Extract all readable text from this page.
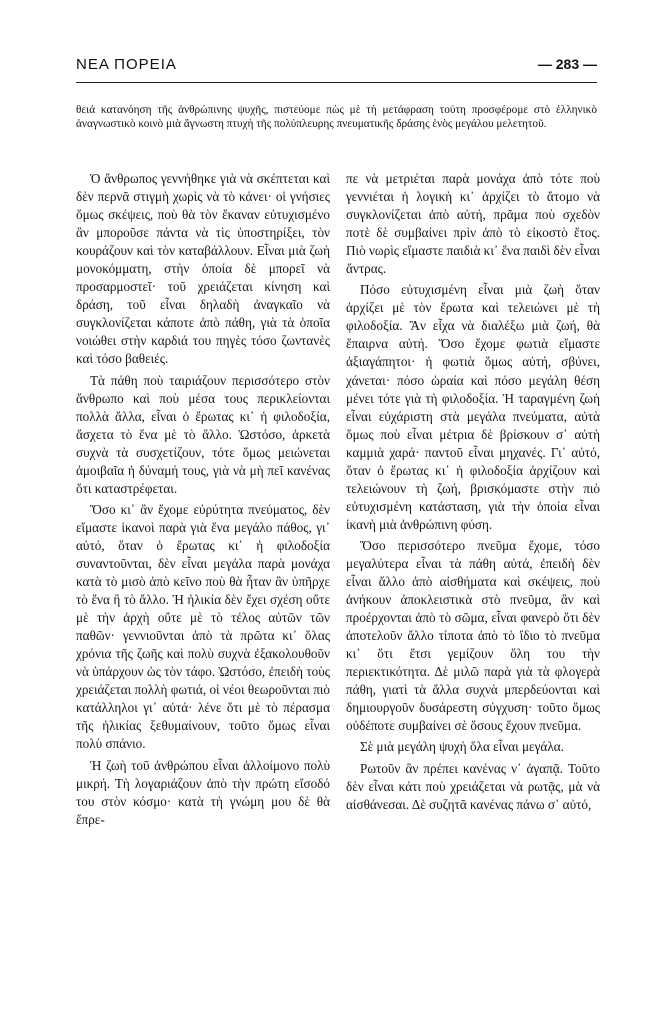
ΝΕΑ ΠΟΡΕΙΑ	— 283 —
θειά κατανόηση τῆς ἀνθρώπινης ψυχῆς, πιστεύομε πὼς μὲ τὴ μετάφραση τούτη προσφέρομε στὸ ἑλληνικὸ ἀναγνωστικὸ κοινὸ μιὰ ἄγνωστη πτυχὴ τῆς πολύπλευρης πνευματικῆς δράσης ἑνὸς μεγάλου μελετητοῦ.

Ὁ ἄνθρωπος γεννήθηκε γιὰ νὰ σκέπτεται καὶ δὲν περνᾶ στιγμὴ χωρὶς νὰ τὸ κάνει· οἱ γνήσιες ὅμως σκέψεις, ποὺ θὰ τὸν ἔκαναν εὐτυχισμένο ἂν μποροῦσε πάντα νὰ τὶς ὑποστηρίξει, τὸν κουράζουν καὶ τὸν καταβάλλουν. Εἶναι μιὰ ζωὴ μονοκόμματη, στὴν ὁποία δὲ μπορεῖ νὰ προσαρμοστεῖ· τοῦ χρειάζεται κίνηση καὶ δράση, τοῦ εἶναι δηλαδὴ ἀναγκαῖο νὰ συγκλονίζεται κάποτε ἀπὸ πάθη, γιὰ τὰ ὁποῖα νοιώθει στὴν καρδιά του πηγὲς τόσο ζωντανὲς καὶ τόσο βαθειές.

Τὰ πάθη ποὺ ταιριάζουν περισσότερο στὸν ἄνθρωπο καὶ ποὺ μέσα τους περικλείονται πολλὰ ἄλλα, εἶναι ὁ ἔρωτας κι᾽ ἡ φιλοδοξία, ἄσχετα τὸ ἕνα μὲ τὸ ἄλλο. Ὡστόσο, ἀρκετὰ συχνὰ τὰ συσχετίζουν, τότε ὅμως μειώνεται ἀμοιβαῖα ἡ δύναμή τους, γιὰ νὰ μὴ πεῖ κανένας ὅτι καταστρέφεται.

Ὅσο κι᾽ ἂν ἔχομε εὐρύτητα πνεύματος, δὲν εἴμαστε ἱκανοὶ παρὰ γιὰ ἕνα μεγάλο πάθος, γι᾽ αὐτό, ὅταν ὁ ἔρωτας κι᾽ ἡ φιλοδοξία συναντοῦνται, δὲν εἶναι μεγάλα παρὰ μονάχα κατὰ τὸ μισὸ ἀπὸ κεῖνο ποὺ θὰ ἦταν ἂν ὑπῆρχε τὸ ἕνα ἢ τὸ ἄλλο. Ἡ ἡλικία δὲν ἔχει σχέση οὔτε μὲ τὴν ἀρχὴ οὔτε μὲ τὸ τέλος αὐτῶν τῶν παθῶν· γεννιοῦνται ἀπὸ τὰ πρῶτα κι᾽ ὅλας χρόνια τῆς ζωῆς καὶ πολὺ συχνὰ ἐξακολουθοῦν νὰ ὑπάρχουν ὡς τὸν τάφο. Ὡστόσο, ἐπειδὴ τοὺς χρειάζεται πολλὴ φωτιά, οἱ νέοι θεωροῦνται πιὸ κατάλληλοι γι᾽ αὐτά· λένε ὅτι μὲ τὸ πέρασμα τῆς ἡλικίας ξεθυμαίνουν, τοῦτο ὅμως εἶναι πολὺ σπάνιο.

Ἡ ζωὴ τοῦ ἀνθρώπου εἶναι ἀλλοίμονο πολὺ μικρή. Τὴ λογαριάζουν ἀπὸ τὴν πρώτη εἴσοδό του στὸν κόσμο· κατὰ τὴ γνώμη μου δὲ θὰ ἔπρε-

πε νὰ μετριέται παρὰ μονάχα ἀπὸ τότε ποὺ γεννιέται ἡ λογικὴ κι᾽ ἀρχίζει τὸ ἄτομο νὰ συγκλονίζεται ἀπὸ αὐτή, πρᾶμα ποὺ σχεδὸν ποτὲ δὲ συμβαίνει πρὶν ἀπὸ τὸ εἰκοστὸ ἔτος. Πιὸ νωρὶς εἴμαστε παιδιὰ κι᾽ ἕνα παιδὶ δὲν εἶναι ἄντρας.

Πόσο εὐτυχισμένη εἶναι μιὰ ζωὴ ὅταν ἀρχίζει μὲ τὸν ἔρωτα καὶ τελειώνει μὲ τὴ φιλοδοξία. Ἂν εἶχα νὰ διαλέξω μιὰ ζωή, θὰ ἔπαιρνα αὐτή. Ὅσο ἔχομε φωτιὰ εἴμαστε ἀξιαγάπητοι· ἡ φωτιὰ ὅμως αὐτή, σβύνει, χάνεται· πόσο ὡραία καὶ πόσο μεγάλη θέση μένει τότε γιὰ τὴ φιλοδοξία. Ἡ ταραγμένη ζωὴ εἶναι εὐχάριστη στὰ μεγάλα πνεύματα, αὐτὰ ὅμως ποὺ εἶναι μέτρια δὲ βρίσκουν σ᾽ αὐτὴ καμμιὰ χαρά· παντοῦ εἶναι μηχανές. Γι᾽ αὐτό, ὅταν ὁ ἔρωτας κι᾽ ἡ φιλοδοξία ἀρχίζουν καὶ τελειώνουν τὴ ζωή, βρισκόμαστε στὴν πιὸ εὐτυχισμένη κατάσταση, γιὰ τὴν ὁποία εἶναι ἱκανὴ μιὰ ἀνθρώπινη φύση.

Ὅσο περισσότερο πνεῦμα ἔχομε, τόσο μεγαλύτερα εἶναι τὰ πάθη αὐτά, ἐπειδὴ δὲν εἶναι ἄλλο ἀπὸ αἰσθήματα καὶ σκέψεις, ποὺ ἀνήκουν ἀποκλειστικὰ στὸ πνεῦμα, ἂν καὶ προέρχονται ἀπὸ τὸ σῶμα, εἶναι φανερὸ ὅτι δὲν ἀποτελοῦν ἄλλο τίποτα ἀπὸ τὸ ἴδιο τὸ πνεῦμα κι᾽ ὅτι ἔτσι γεμίζουν ὅλη του τὴν περιεκτικότητα. Δὲ μιλῶ παρὰ γιὰ τὰ φλογερὰ πάθη, γιατὶ τὰ ἄλλα συχνὰ μπερδεύονται καὶ δημιουργοῦν δυσάρεστη σύγχυση· τοῦτο ὅμως οὐδέποτε συμβαίνει σὲ ὅσους ἔχουν πνεῦμα.

Σὲ μιὰ μεγάλη ψυχὴ ὅλα εἶναι μεγάλα.

Ρωτοῦν ἂν πρέπει κανένας ν᾽ ἀγαπᾷ. Τοῦτο δὲν εἶναι κάτι ποὺ χρειάζεται νὰ ρωτᾷς, μὰ νὰ αἰσθάνεσαι. Δὲ συζητᾶ κανένας πάνω σ᾽ αὐτό,
